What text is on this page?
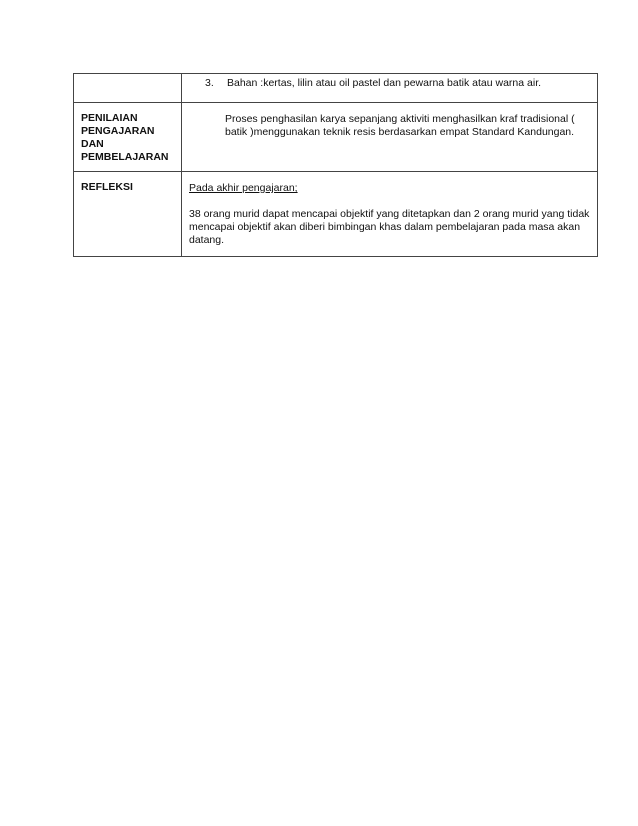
	3. Bahan :kertas, lilin atau oil pastel dan pewarna batik atau warna air.

PENILAIAN PENGAJARAN DAN PEMBELAJARAN	Proses penghasilan karya sepanjang aktiviti menghasilkan kraf tradisional ( batik )menggunakan teknik resis berdasarkan empat Standard Kandungan.

REFLEKSI	Pada akhir pengajaran;
38 orang murid dapat mencapai objektif yang ditetapkan dan 2 orang murid yang tidak mencapai objektif akan diberi bimbingan khas dalam pembelajaran pada masa akan datang.
